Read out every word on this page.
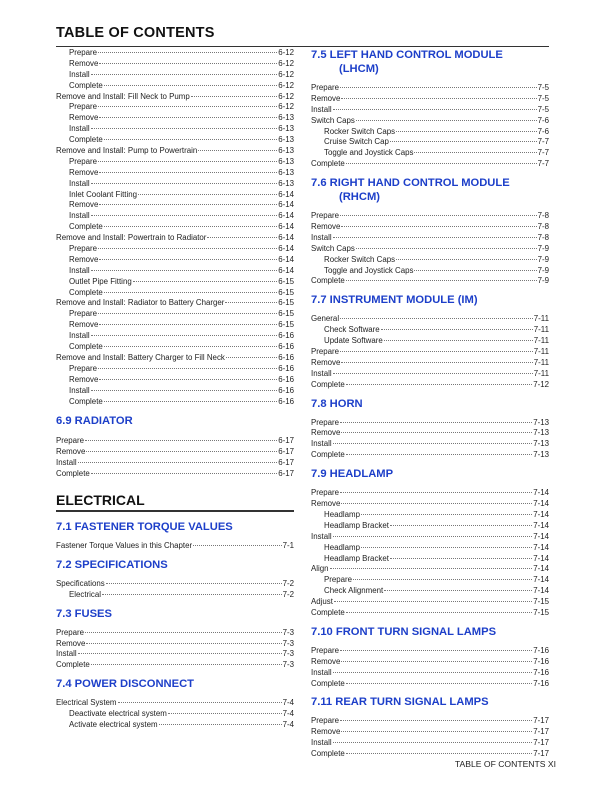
TABLE OF CONTENTS
Prepare	6-12
Remove	6-12
Install	6-12
Complete	6-12
Remove and Install: Fill Neck to Pump	6-12
Prepare	6-12
Remove	6-13
Install	6-13
Complete	6-13
Remove and Install: Pump to Powertrain	6-13
Prepare	6-13
Remove	6-13
Install	6-13
Inlet Coolant Fitting	6-14
Remove	6-14
Install	6-14
Complete	6-14
Remove and Install: Powertrain to Radiator	6-14
Prepare	6-14
Remove	6-14
Install	6-14
Outlet Pipe Fitting	6-15
Complete	6-15
Remove and Install: Radiator to Battery Charger	6-15
Prepare	6-15
Remove	6-15
Install	6-16
Complete	6-16
Remove and Install: Battery Charger to Fill Neck	6-16
Prepare	6-16
Remove	6-16
Install	6-16
Complete	6-16
6.9 RADIATOR
Prepare	6-17
Remove	6-17
Install	6-17
Complete	6-17
ELECTRICAL
7.1 FASTENER TORQUE VALUES
Fastener Torque Values in this Chapter	7-1
7.2 SPECIFICATIONS
Specifications	7-2
Electrical	7-2
7.3 FUSES
Prepare	7-3
Remove	7-3
Install	7-3
Complete	7-3
7.4 POWER DISCONNECT
Electrical System	7-4
Deactivate electrical system	7-4
Activate electrical system	7-4
7.5 LEFT HAND CONTROL MODULE
(LHCM)
Prepare	7-5
Remove	7-5
Install	7-5
Switch Caps	7-6
Rocker Switch Caps	7-6
Cruise Switch Cap	7-7
Toggle and Joystick Caps	7-7
Complete	7-7
7.6 RIGHT HAND CONTROL MODULE
(RHCM)
Prepare	7-8
Remove	7-8
Install	7-8
Switch Caps	7-9
Rocker Switch Caps	7-9
Toggle and Joystick Caps	7-9
Complete	7-9
7.7 INSTRUMENT MODULE (IM)
General	7-11
Check Software	7-11
Update Software	7-11
Prepare	7-11
Remove	7-11
Install	7-11
Complete	7-12
7.8 HORN
Prepare	7-13
Remove	7-13
Install	7-13
Complete	7-13
7.9 HEADLAMP
Prepare	7-14
Remove	7-14
Headlamp	7-14
Headlamp Bracket	7-14
Install	7-14
Headlamp	7-14
Headlamp Bracket	7-14
Align	7-14
Prepare	7-14
Check Alignment	7-14
Adjust	7-15
Complete	7-15
7.10 FRONT TURN SIGNAL LAMPS
Prepare	7-16
Remove	7-16
Install	7-16
Complete	7-16
7.11 REAR TURN SIGNAL LAMPS
Prepare	7-17
Remove	7-17
Install	7-17
Complete	7-17
TABLE OF CONTENTS XI
